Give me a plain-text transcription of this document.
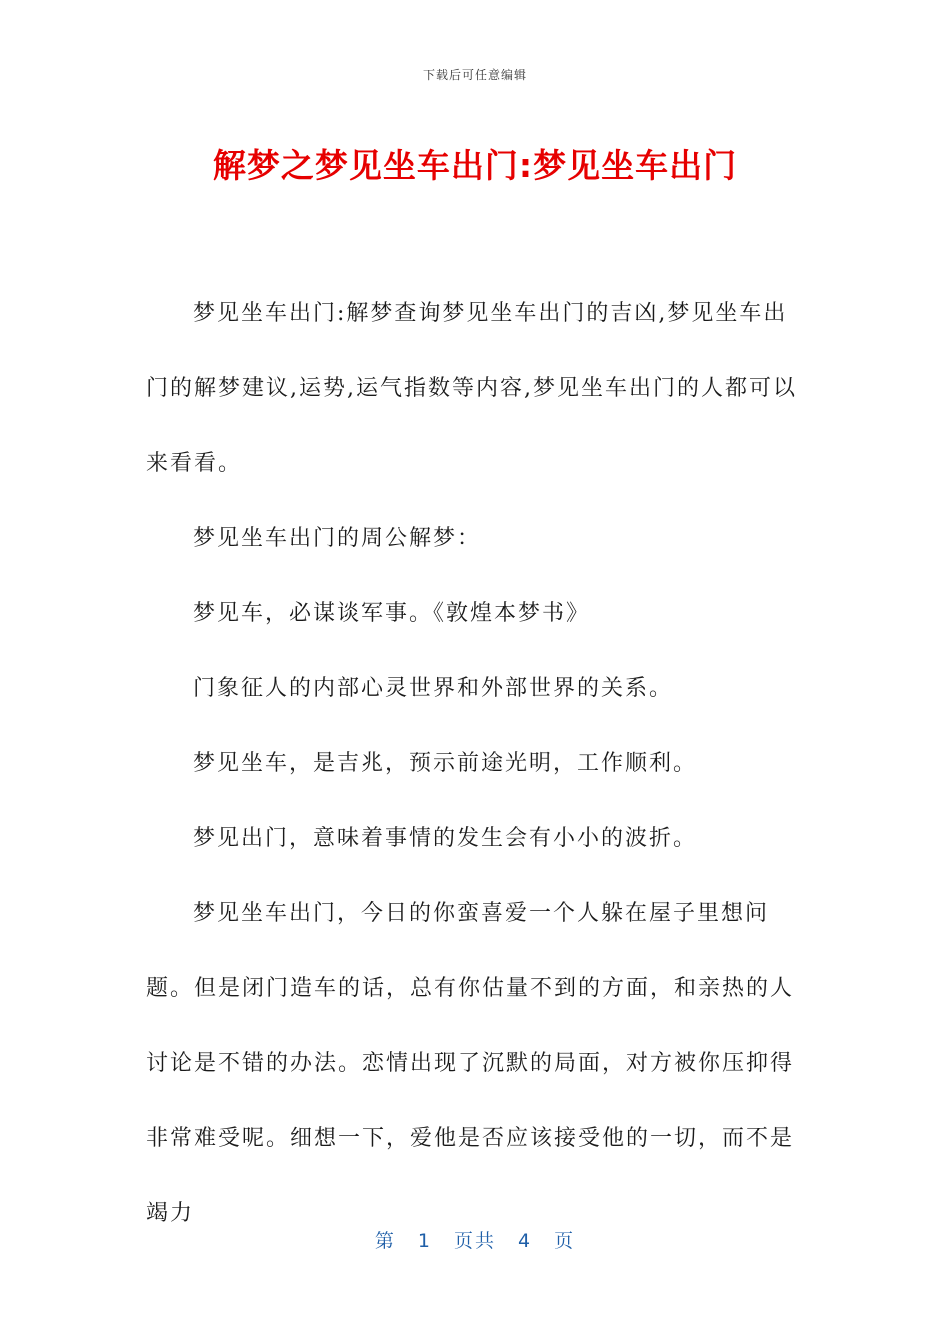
下载后可任意编辑
解梦之梦见坐车出门:梦见坐车出门

梦见坐车出门:解梦查询梦见坐车出门的吉凶,梦见坐车出门的解梦建议,运势,运气指数等内容,梦见坐车出门的人都可以来看看。

梦见坐车出门的周公解梦：

梦见车，必谋谈军事。《敦煌本梦书》

门象征人的内部心灵世界和外部世界的关系。

梦见坐车，是吉兆，预示前途光明，工作顺利。

梦见出门，意味着事情的发生会有小小的波折。

梦见坐车出门，今日的你蛮喜爱一个人躲在屋子里想问题。但是闭门造车的话，总有你估量不到的方面，和亲热的人讨论是不错的办法。恋情出现了沉默的局面，对方被你压抑得非常难受呢。细想一下，爱他是否应该接受他的一切，而不是竭力

第 1 页共 4 页
